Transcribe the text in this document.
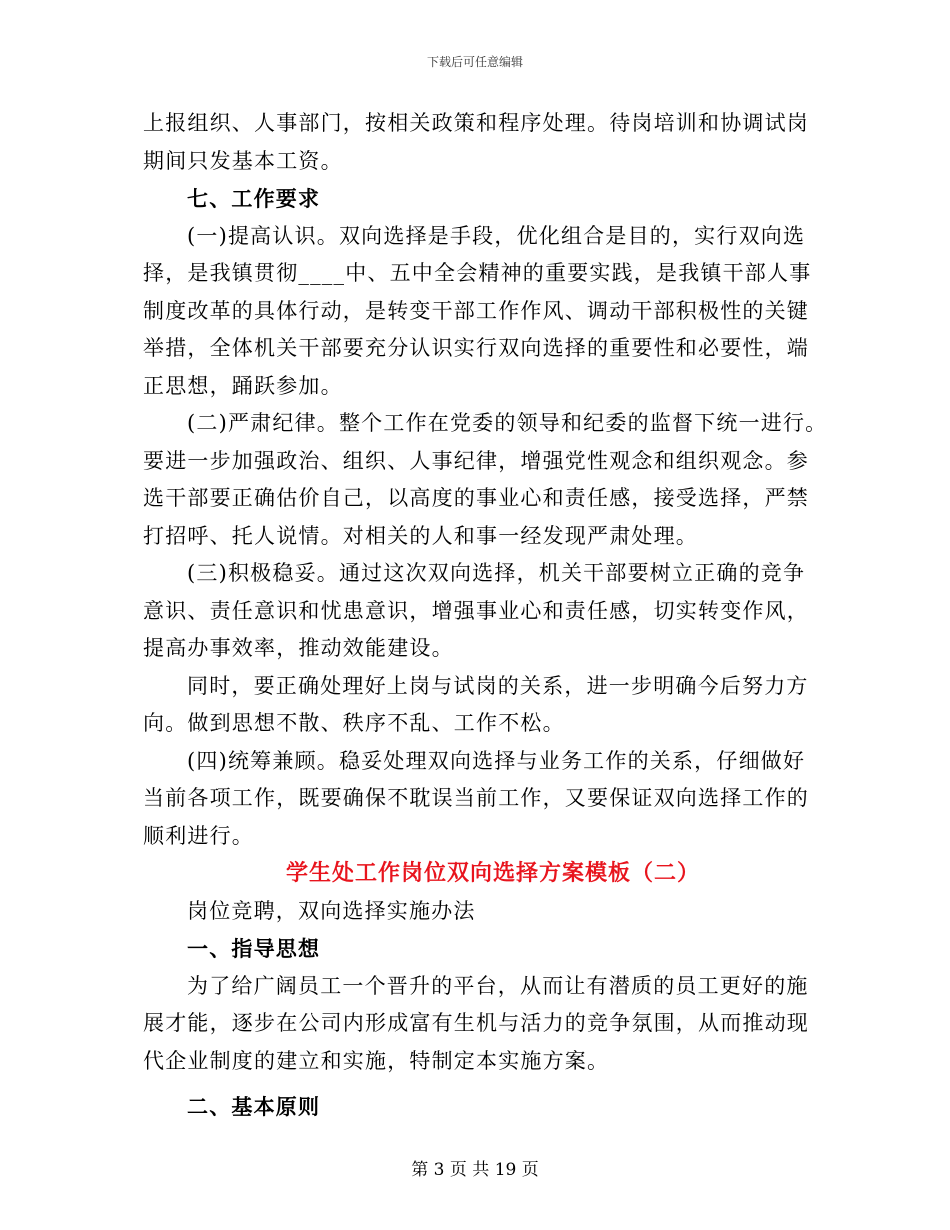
下载后可任意编辑
上报组织、人事部门，按相关政策和程序处理。待岗培训和协调试岗
期间只发基本工资。
七、工作要求
(一)提高认识。双向选择是手段，优化组合是目的，实行双向选
择，是我镇贯彻____中、五中全会精神的重要实践，是我镇干部人事
制度改革的具体行动，是转变干部工作作风、调动干部积极性的关键
举措，全体机关干部要充分认识实行双向选择的重要性和必要性，端
正思想，踊跃参加。
(二)严肃纪律。整个工作在党委的领导和纪委的监督下统一进行。
要进一步加强政治、组织、人事纪律，增强党性观念和组织观念。参
选干部要正确估价自己，以高度的事业心和责任感，接受选择，严禁
打招呼、托人说情。对相关的人和事一经发现严肃处理。
(三)积极稳妥。通过这次双向选择，机关干部要树立正确的竞争
意识、责任意识和忧患意识，增强事业心和责任感，切实转变作风，
提高办事效率，推动效能建设。
同时，要正确处理好上岗与试岗的关系，进一步明确今后努力方
向。做到思想不散、秩序不乱、工作不松。
(四)统筹兼顾。稳妥处理双向选择与业务工作的关系，仔细做好
当前各项工作，既要确保不耽误当前工作，又要保证双向选择工作的
顺利进行。
学生处工作岗位双向选择方案模板（二）
岗位竞聘，双向选择实施办法
一、指导思想
为了给广阔员工一个晋升的平台，从而让有潜质的员工更好的施
展才能，逐步在公司内形成富有生机与活力的竞争氛围，从而推动现
代企业制度的建立和实施，特制定本实施方案。
二、基本原则
第 3 页 共 19 页
